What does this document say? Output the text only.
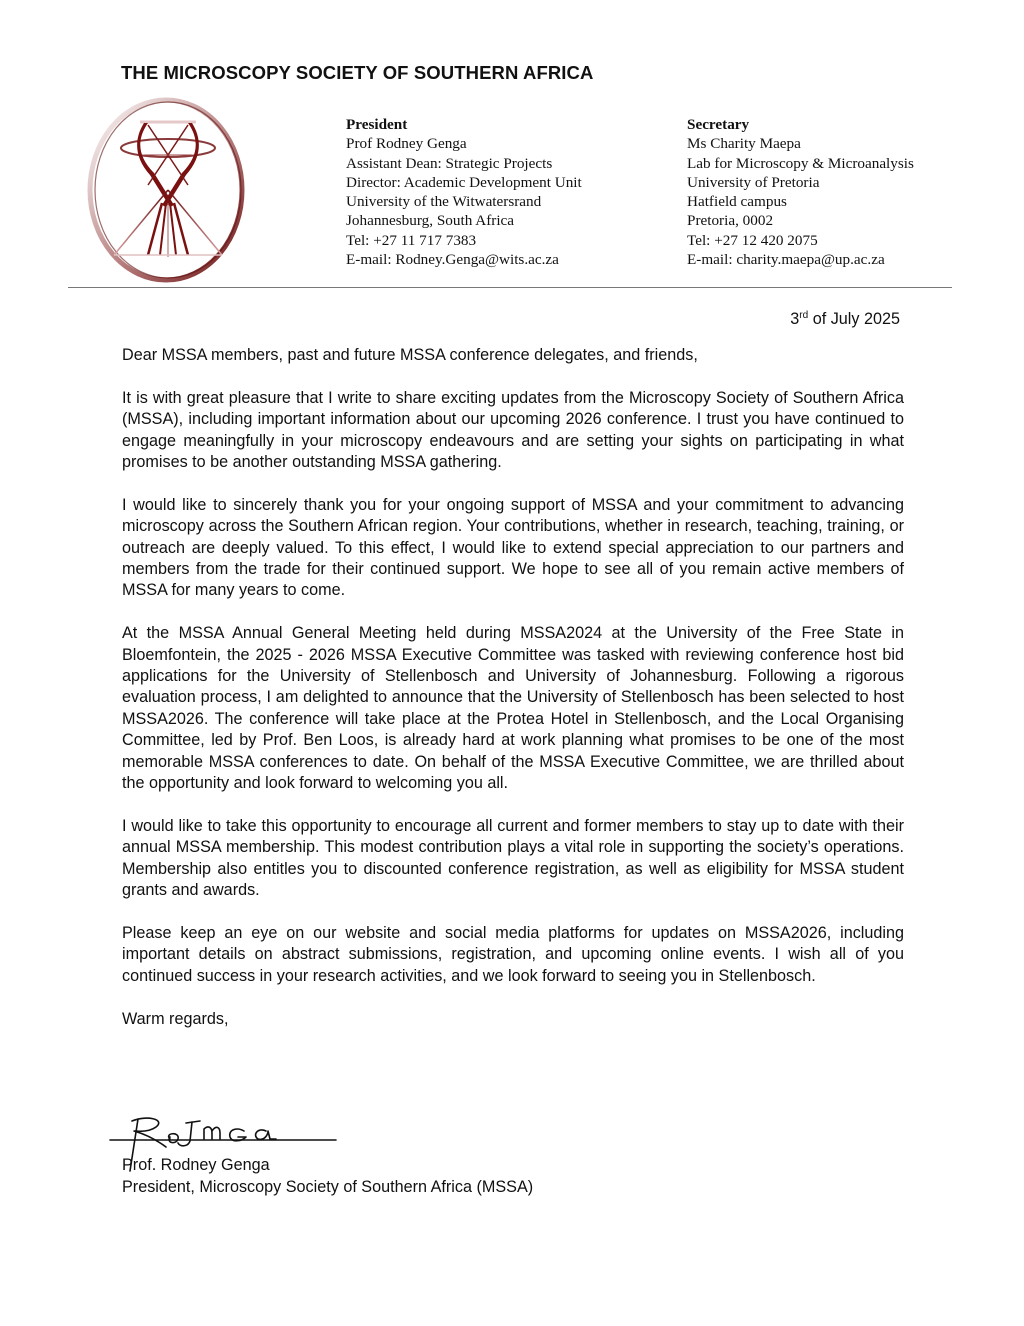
THE MICROSCOPY SOCIETY OF SOUTHERN AFRICA
President
Prof Rodney Genga
Assistant Dean: Strategic Projects
Director: Academic Development Unit
University of the Witwatersrand
Johannesburg, South Africa
Tel: +27 11 717 7383
E-mail: Rodney.Genga@wits.ac.za
Secretary
Ms Charity Maepa
Lab for Microscopy & Microanalysis
University of Pretoria
Hatfield campus
Pretoria, 0002
Tel: +27 12 420 2075
E-mail: charity.maepa@up.ac.za
3rd of July 2025

Dear MSSA members, past and future MSSA conference delegates, and friends,

It is with great pleasure that I write to share exciting updates from the Microscopy Society of Southern Africa (MSSA), including important information about our upcoming 2026 conference. I trust you have continued to engage meaningfully in your microscopy endeavours and are setting your sights on participating in what promises to be another outstanding MSSA gathering.

I would like to sincerely thank you for your ongoing support of MSSA and your commitment to advancing microscopy across the Southern African region. Your contributions, whether in research, teaching, training, or outreach are deeply valued. To this effect, I would like to extend special appreciation to our partners and members from the trade for their continued support. We hope to see all of you remain active members of MSSA for many years to come.

At the MSSA Annual General Meeting held during MSSA2024 at the University of the Free State in Bloemfontein, the 2025 - 2026 MSSA Executive Committee was tasked with reviewing conference host bid applications for the University of Stellenbosch and University of Johannesburg. Following a rigorous evaluation process, I am delighted to announce that the University of Stellenbosch has been selected to host MSSA2026. The conference will take place at the Protea Hotel in Stellenbosch, and the Local Organising Committee, led by Prof. Ben Loos, is already hard at work planning what promises to be one of the most memorable MSSA conferences to date. On behalf of the MSSA Executive Committee, we are thrilled about the opportunity and look forward to welcoming you all.

I would like to take this opportunity to encourage all current and former members to stay up to date with their annual MSSA membership. This modest contribution plays a vital role in supporting the society’s operations. Membership also entitles you to discounted conference registration, as well as eligibility for MSSA student grants and awards.

Please keep an eye on our website and social media platforms for updates on MSSA2026, including important details on abstract submissions, registration, and upcoming online events. I wish all of you continued success in your research activities, and we look forward to seeing you in Stellenbosch.

Warm regards,

Prof. Rodney Genga
President, Microscopy Society of Southern Africa (MSSA)
